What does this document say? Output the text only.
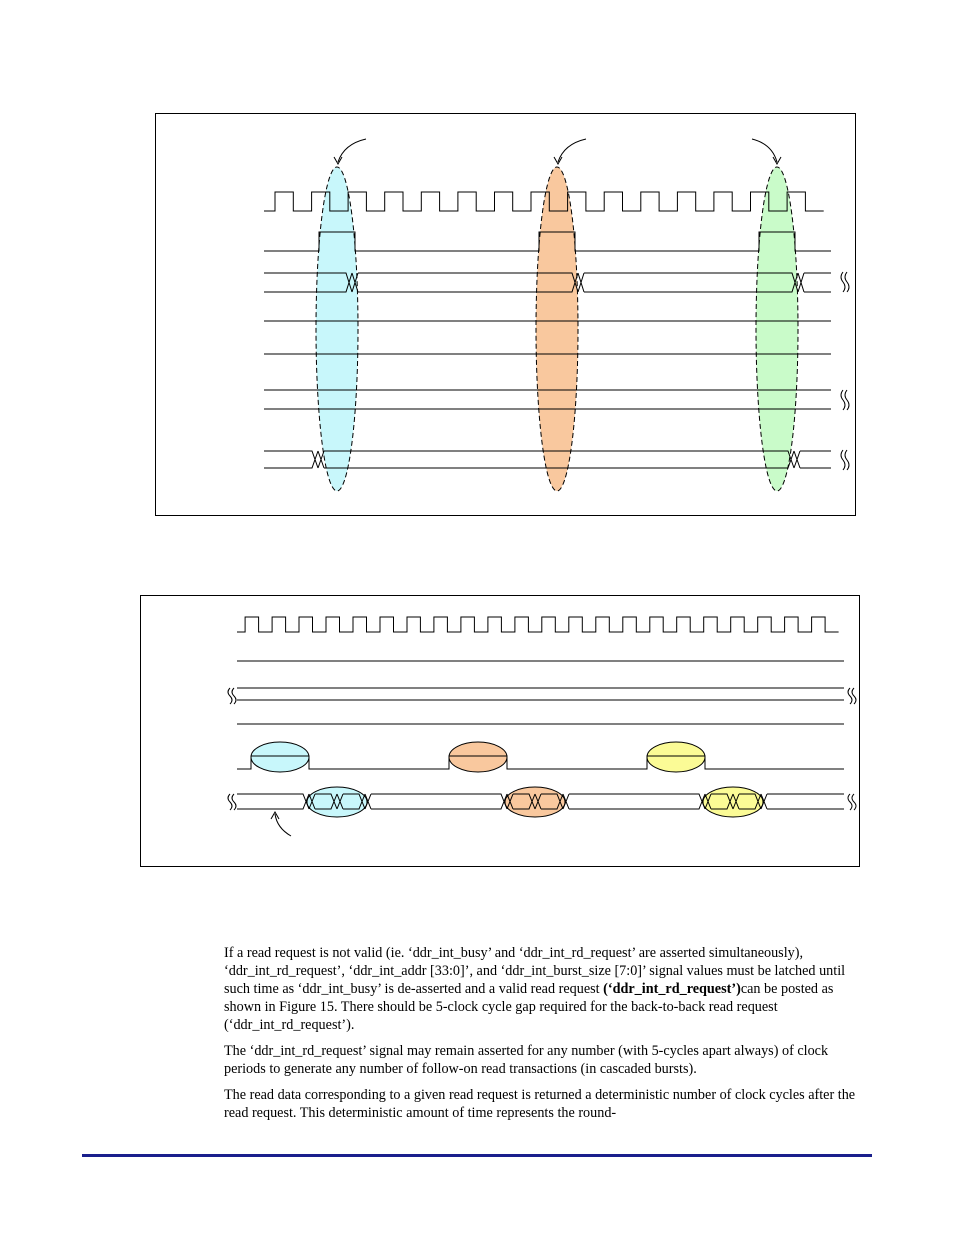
If a read request is not valid (ie. ‘ddr_int_busy’ and ‘ddr_int_rd_request’ are asserted simultaneously), ‘ddr_int_rd_request’, ‘ddr_int_addr [33:0]’, and ‘ddr_int_burst_size [7:0]’ signal values must be latched until such time as ‘ddr_int_busy’ is de-asserted and a valid read request (‘ddr_int_rd_request’)can be posted as shown in Figure 15. There should be 5-clock cycle gap required for the back-to-back read request (‘ddr_int_rd_request’).

The ‘ddr_int_rd_request’ signal may remain asserted for any number (with 5-cycles apart always) of clock periods to generate any number of follow-on read transactions (in cascaded bursts).

The read data corresponding to a given read request is returned a deterministic number of clock cycles after the read request. This deterministic amount of time represents the round-
